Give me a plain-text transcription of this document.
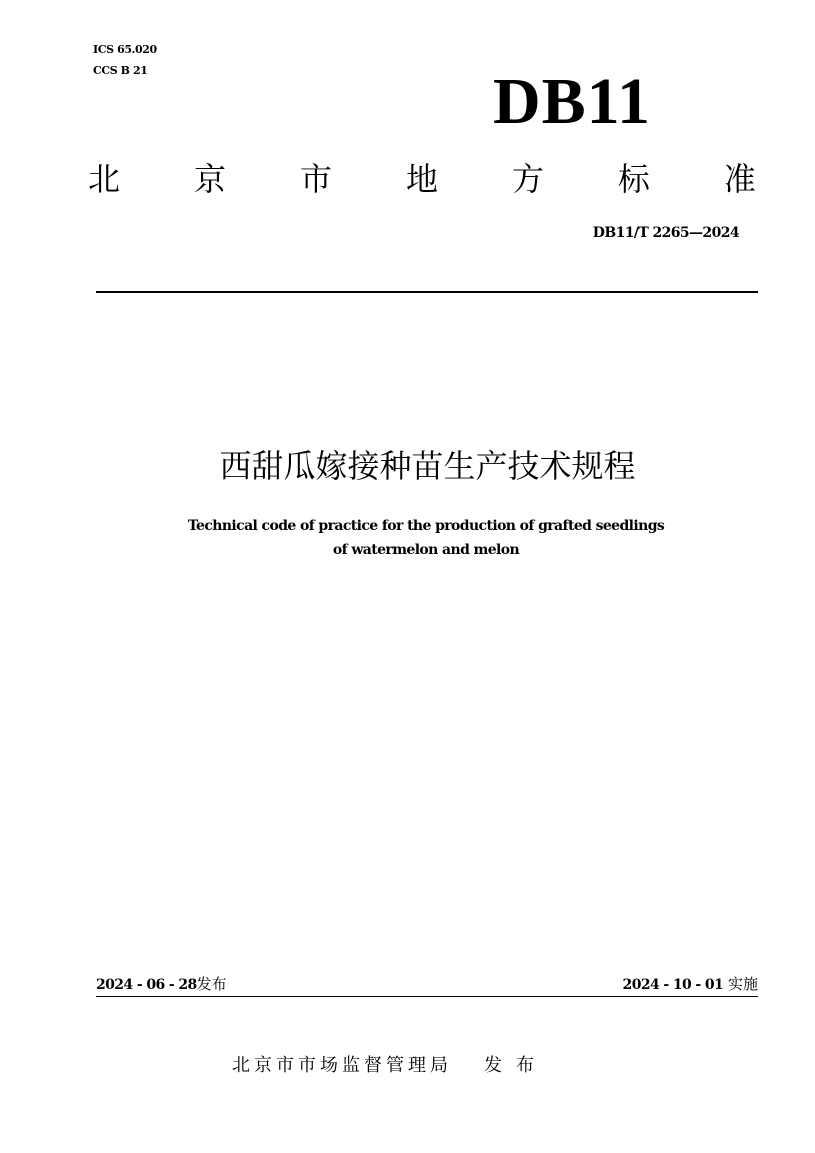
ICS 65.020
CCS B 21	DB11
北 京 市 地 方 标 准
DB11/T 2265—2024
西甜瓜嫁接种苗生产技术规程
Technical code of practice for the production of grafted seedlings
of watermelon and melon
2024 - 06 - 28发布	2024 - 10 - 01 实施
北京市市场监督管理局 发布
